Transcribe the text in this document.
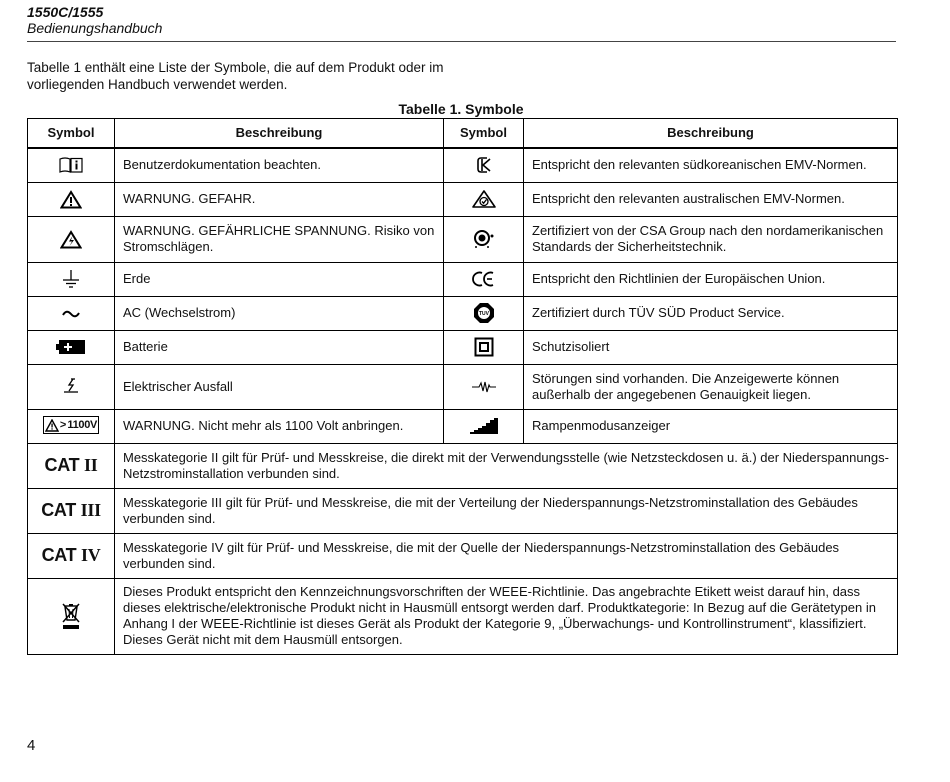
1550C/1555
Bedienungshandbuch

Tabelle 1 enthält eine Liste der Symbole, die auf dem Produkt oder im

vorliegenden Handbuch verwendet werden.

Tabelle 1. Symbole
Symbol	Beschreibung	Symbol	Beschreibung
	Benutzerdokumentation beachten.		Entspricht den relevanten südkoreanischen EMV-Normen.
	WARNUNG. GEFAHR.		Entspricht den relevanten australischen EMV-Normen.
	WARNUNG. GEFÄHRLICHE SPANNUNG. Risiko von Stromschlägen.		Zertifiziert von der CSA Group nach den nordamerikanischen Standards der Sicherheitstechnik.
	Erde		Entspricht den Richtlinien der Europäischen Union.
	AC (Wechselstrom)	TUV	Zertifiziert durch TÜV SÜD Product Service.
	Batterie		Schutzisoliert
	Elektrischer Ausfall		Störungen sind vorhanden. Die Anzeigewerte können außerhalb der angegebenen Genauigkeit liegen.

> 1100V	WARNUNG. Nicht mehr als 1100 Volt anbringen.		Rampenmodusanzeiger
CAT II	Messkategorie II gilt für Prüf- und Messkreise, die direkt mit der Verwendungsstelle (wie Netzsteckdosen u. ä.) der Niederspannungs-Netzstrominstallation verbunden sind.		
CAT III	Messkategorie III gilt für Prüf- und Messkreise, die mit der Verteilung der Niederspannungs-Netzstrominstallation des Gebäudes verbunden sind.		
CAT IV	Messkategorie IV gilt für Prüf- und Messkreise, die mit der Quelle der Niederspannungs-Netzstrominstallation des Gebäudes verbunden sind.		
	Dieses Produkt entspricht den Kennzeichnungsvorschriften der WEEE-Richtlinie. Das angebrachte Etikett weist darauf hin, dass dieses elektrische/elektronische Produkt nicht in Hausmüll entsorgt werden darf. Produktkategorie: In Bezug auf die Gerätetypen in Anhang I der WEEE-Richtlinie ist dieses Gerät als Produkt der Kategorie 9, „Überwachungs- und Kontrollinstrument“, klassifiziert. Dieses Gerät nicht mit dem Hausmüll entsorgen.		
4
